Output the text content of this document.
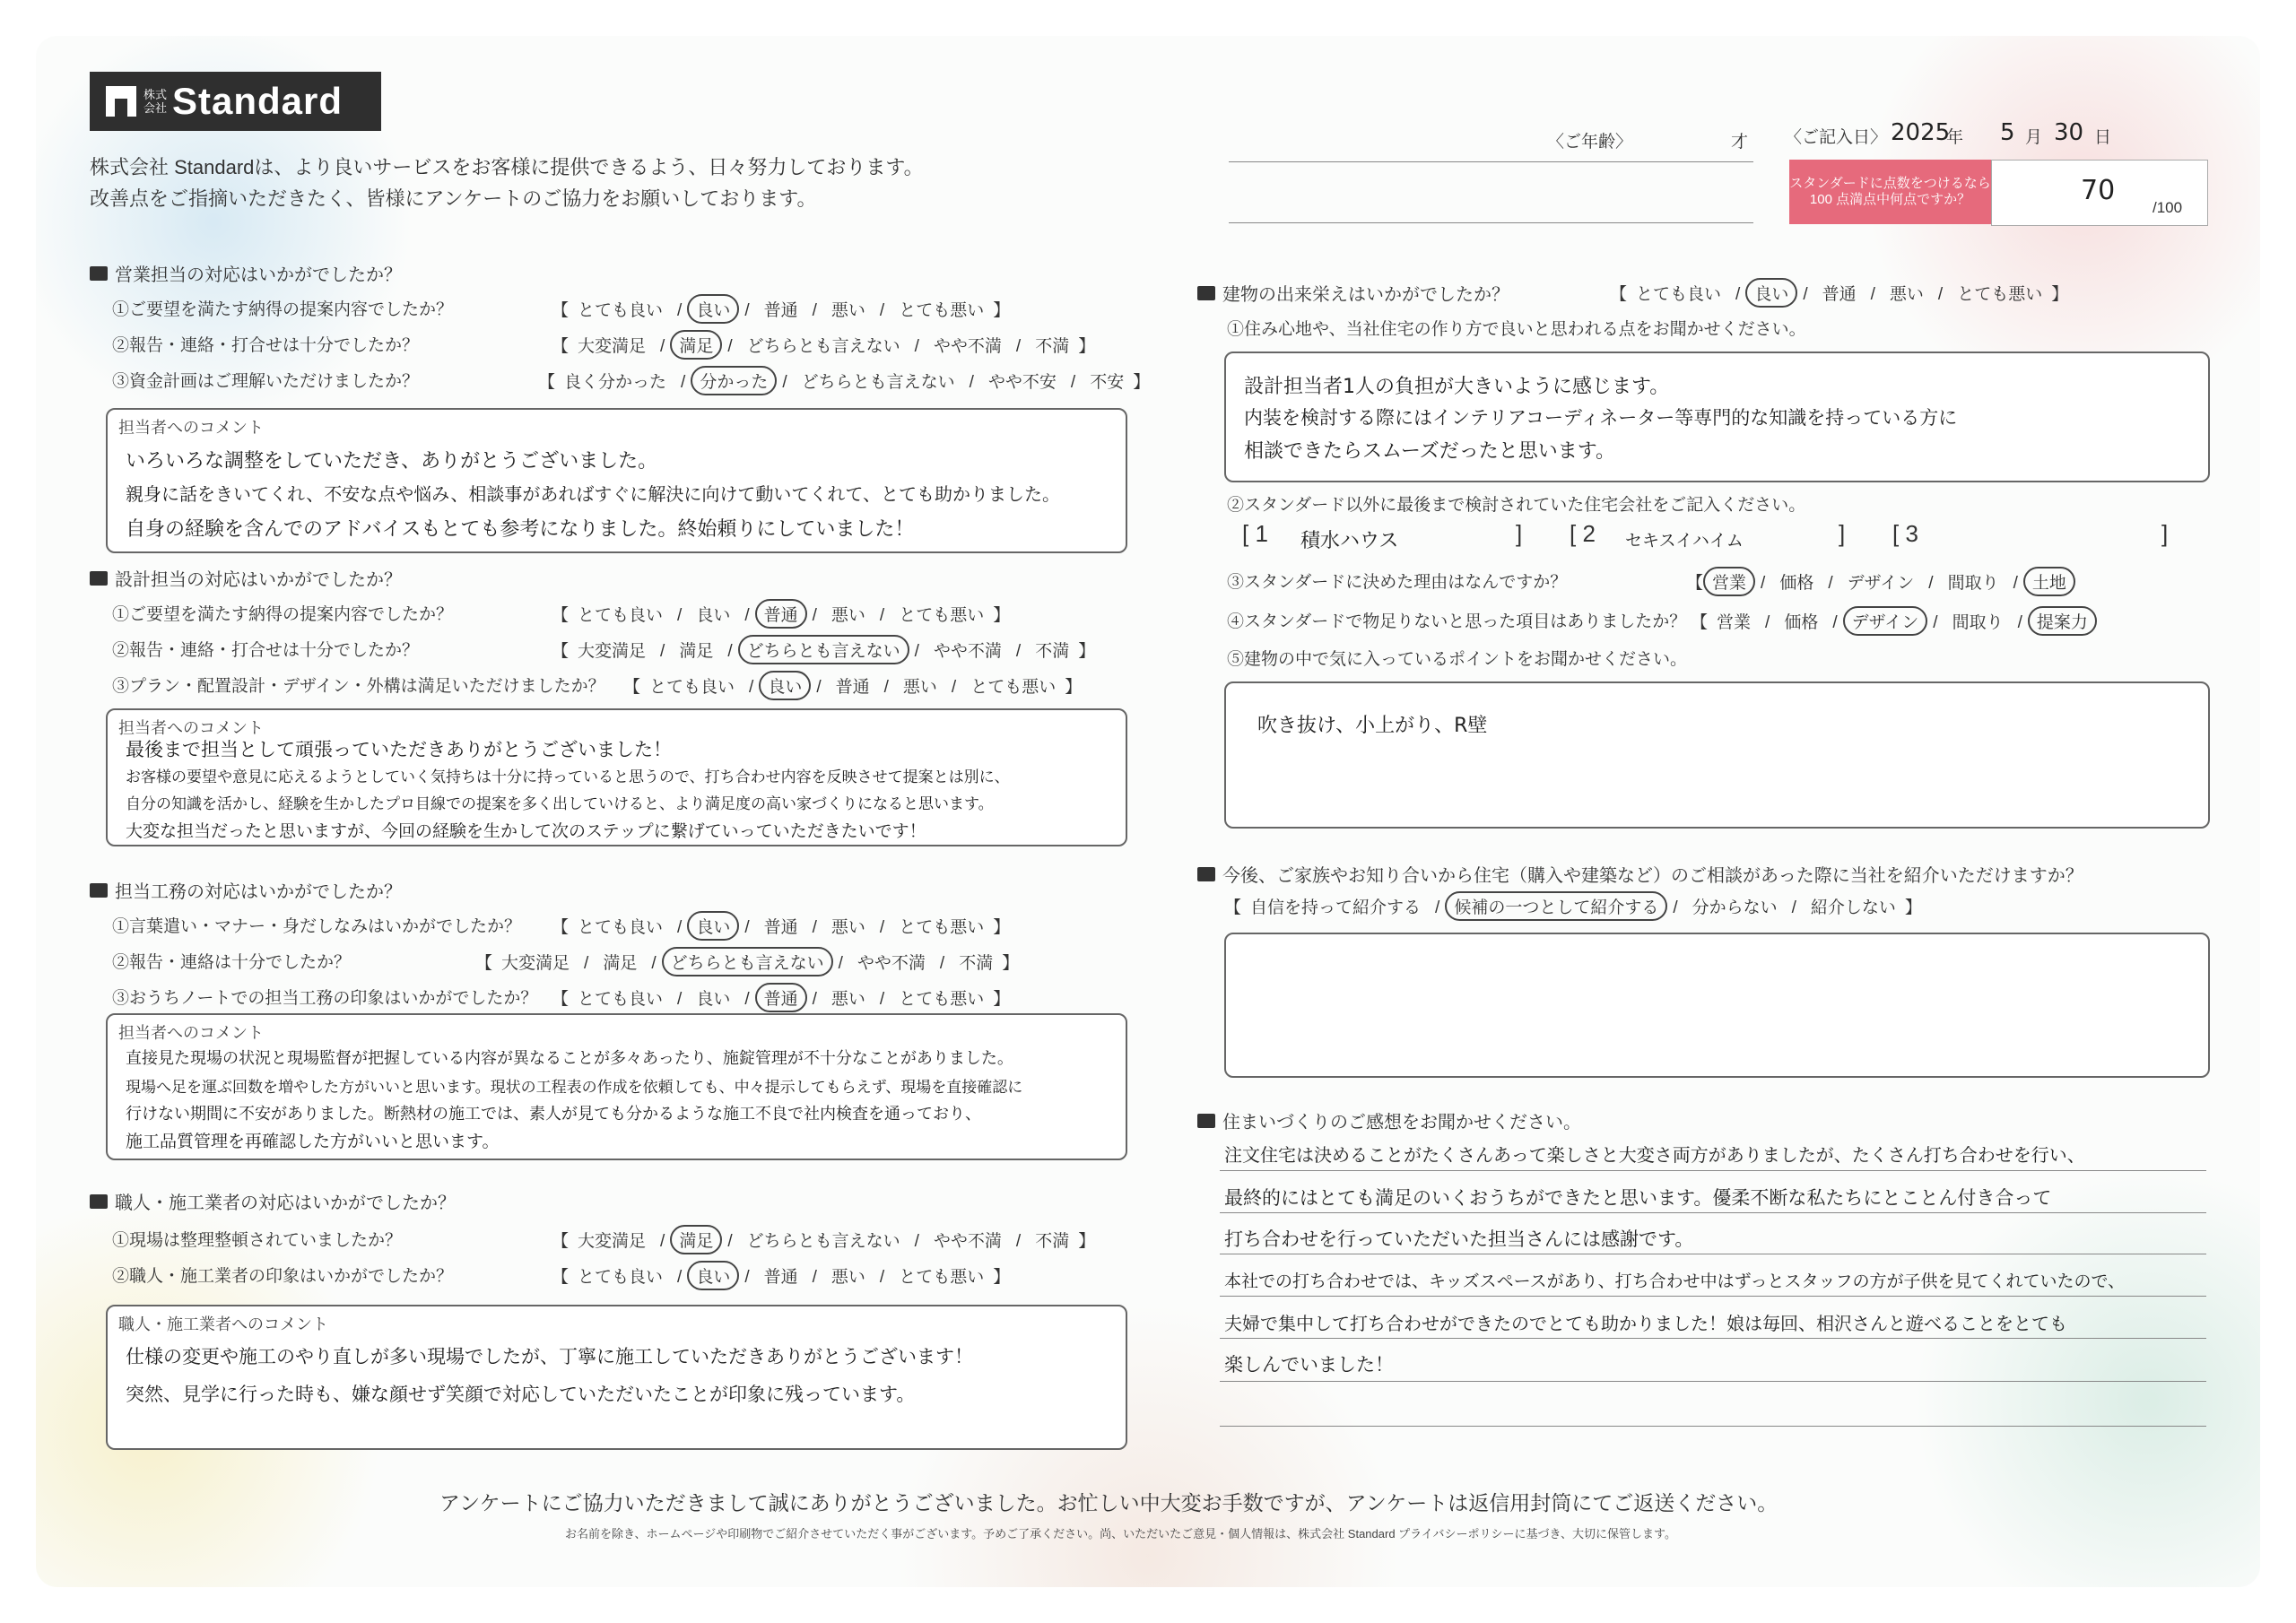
株式会社 Standard
株式会社 Standardは、より良いサービスをお客様に提供できるよう、日々努力しております。
改善点をご指摘いただきたく、皆様にアンケートのご協力をお願いしております。
〈ご年齢〉	才 〈ご記入日〉 2025
年 5 月 30 日
スタンダードに点数をつけるなら 100 点満点中何点ですか？	70
/100
営業担当の対応はいかがでしたか？
①ご要望を満たす納得の提案内容でしたか？	【 とても良い / 良い / 普通 / 悪い / とても悪い 】
②報告・連絡・打合せは十分でしたか？	【 大変満足 / 満足 / どちらとも言えない / やや不満 / 不満 】
③資金計画はご理解いただけましたか？	【 良く分かった / 分かった / どちらとも言えない / やや不安 / 不安 】
担当者へのコメント
いろいろな調整をしていただき、ありがとうございました。
親身に話をきいてくれ、不安な点や悩み、相談事があればすぐに解決に向けて動いてくれて、とても助かりました。
自身の経験を含んでのアドバイスもとても参考になりました。終始頼りにしていました！
設計担当の対応はいかがでしたか？
①ご要望を満たす納得の提案内容でしたか？	【 とても良い / 良い / 普通 / 悪い / とても悪い 】
②報告・連絡・打合せは十分でしたか？	【 大変満足 / 満足 / どちらとも言えない / やや不満 / 不満 】
③プラン・配置設計・デザイン・外構は満足いただけましたか？ 【 とても良い / 良い / 普通 / 悪い / とても悪い 】
担当者へのコメント
最後まで担当として頑張っていただきありがとうございました！
お客様の要望や意見に応えるようとしていく気持ちは十分に持っていると思うので、打ち合わせ内容を反映させて提案とは別に、
自分の知識を活かし、経験を生かしたプロ目線での提案を多く出していけると、より満足度の高い家づくりになると思います。
大変な担当だったと思いますが、今回の経験を生かして次のステップに繋げていっていただきたいです！
担当工務の対応はいかがでしたか？
①言葉遣い・マナー・身だしなみはいかがでしたか？ 【 とても良い / 良い / 普通 / 悪い / とても悪い 】
②報告・連絡は十分でしたか？	【 大変満足 / 満足 / どちらとも言えない / やや不満 / 不満 】
③おうちノートでの担当工務の印象はいかがでしたか？ 【 とても良い / 良い / 普通 / 悪い / とても悪い 】
担当者へのコメント
直接見た現場の状況と現場監督が把握している内容が異なることが多々あったり、施錠管理が不十分なことがありました。
現場へ足を運ぶ回数を増やした方がいいと思います。現状の工程表の作成を依頼しても、中々提示してもらえず、現場を直接確認に
行けない期間に不安がありました。断熱材の施工では、素人が見ても分かるような施工不良で社内検査を通っており、
施工品質管理を再確認した方がいいと思います。
職人・施工業者の対応はいかがでしたか？
①現場は整理整頓されていましたか？	【 大変満足 / 満足 / どちらとも言えない / やや不満 / 不満 】
②職人・施工業者の印象はいかがでしたか？	【 とても良い / 良い / 普通 / 悪い / とても悪い 】
職人・施工業者へのコメント
仕様の変更や施工のやり直しが多い現場でしたが、丁寧に施工していただきありがとうございます！
突然、見学に行った時も、嫌な顔せず笑顔で対応していただいたことが印象に残っています。
建物の出来栄えはいかがでしたか？	【 とても良い / 良い / 普通 / 悪い / とても悪い 】
①住み心地や、当社住宅の作り方で良いと思われる点をお聞かせください。
設計担当者1人の負担が大きいように感じます。
内装を検討する際にはインテリアコーディネーター等専門的な知識を持っている方に
相談できたらスムーズだったと思います。
②スタンダード以外に最後まで検討されていた住宅会社をご記入ください。
[ 1 積水ハウス	] [ 2 セキスイハイム	] [ 3	]
③スタンダードに決めた理由はなんですか？	【 営業 / 価格 / デザイン / 間取り / 土地
④スタンダードで物足りないと思った項目はありましたか？ 【 営業 / 価格 / デザイン / 間取り / 提案力
⑤建物の中で気に入っているポイントをお聞かせください。
吹き抜け、小上がり、R壁
今後、ご家族やお知り合いから住宅（購入や建築など）のご相談があった際に当社を紹介いただけますか？
【 自信を持って紹介する / 候補の一つとして紹介する / 分からない / 紹介しない 】
住まいづくりのご感想をお聞かせください。
注文住宅は決めることがたくさんあって楽しさと大変さ両方がありましたが、たくさん打ち合わせを行い、
最終的にはとても満足のいくおうちができたと思います。優柔不断な私たちにとことん付き合って
打ち合わせを行っていただいた担当さんには感謝です。
本社での打ち合わせでは、キッズスペースがあり、打ち合わせ中はずっとスタッフの方が子供を見てくれていたので、
夫婦で集中して打ち合わせができたのでとても助かりました！娘は毎回、相沢さんと遊べることをとても
楽しんでいました！
アンケートにご協力いただきまして誠にありがとうございました。お忙しい中大変お手数ですが、アンケートは返信用封筒にてご返送ください。
お名前を除き、ホームページや印刷物でご紹介させていただく事がございます。予めご了承ください。尚、いただいたご意見・個人情報は、株式会社 Standard プライバシーポリシーに基づき、大切に保管します。
